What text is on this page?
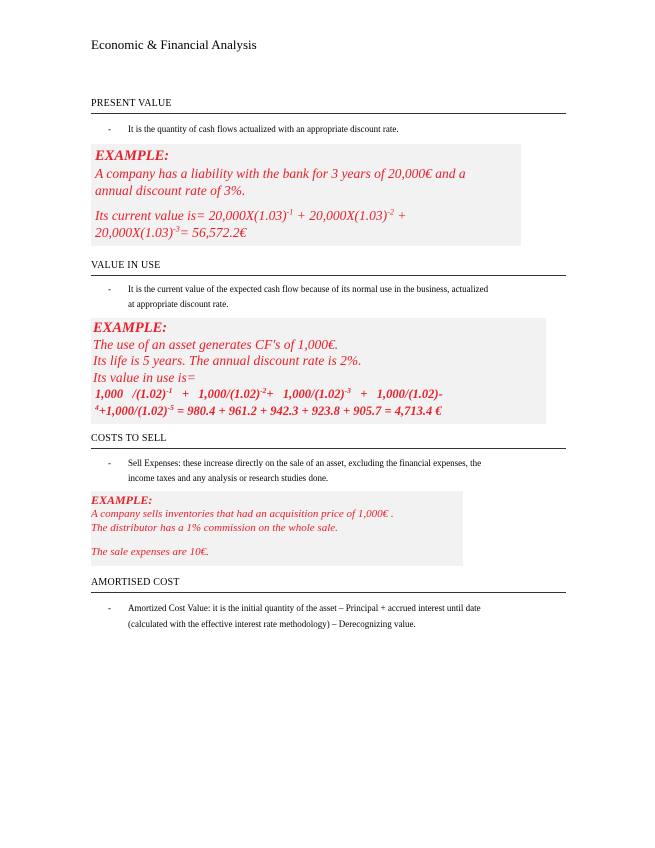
Economic & Financial Analysis
PRESENT VALUE
- It is the quantity of cash flows actualized with an appropriate discount rate.
EXAMPLE:
A company has a liability with the bank for 3 years of 20,000€ and a
annual discount rate of 3%.
Its current value $is= 20,000X(1.03)^{-1} + 20,000X(1.03)^{-2}$ +
$20,000X(1.03)^{-3}=$ 56,572.2€
VALUE IN USE
- It is the current value of the expected cash flow because of its normal use in the business, actualized
at appropriate discount rate.
EXAMPLE:
The use of an asset generates CF's of 1,000€.
Its life is 5 years. The annual discount rate is 2%.
Its value in use is=
1,000   $/(1.02)^{-1} + 1,000/(1.02)^{-2}+ 1,000/(1.02)^{-3} + 1,000/(1.02)-$
$^4+1,000/(1.02)^{-5} = 980.4 + 961.2 + 942.3 + 923.8 + 905.7 = 4,713.4$ €
COSTS TO SELL
- Sell Expenses: these increase directly on the sale of an asset, excluding the financial expenses, the
income taxes and any analysis or research studies done.
EXAMPLE:
A company sells inventories that had an acquisition price of 1,000€ .
The distributor has a 1% commission on the whole sale.
The sale expenses are 10€.
AMORTISED COST
- Amortized Cost Value: it is the initial quantity of the asset – Principal + accrued interest until date
(calculated with the effective interest rate methodology) – Derecognizing value.
